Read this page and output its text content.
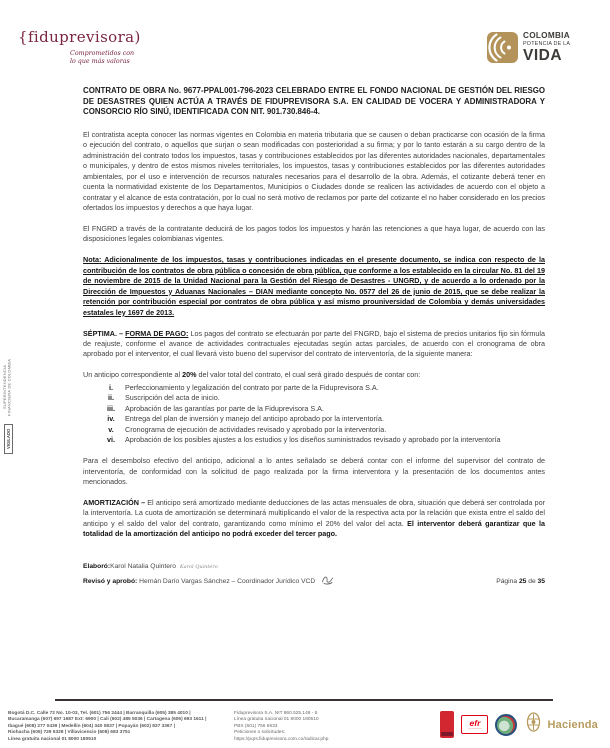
{fiduprevisora)
Comprometidos con
lo que más valoras
COLOMBIA
POTENCIA DE LA
VIDA
SUPERINTENDENCIA FINANCIERA DE COLOMBIA
VIGILADO

CONTRATO DE OBRA No. 9677-PPAL001-796-2023 CELEBRADO ENTRE EL FONDO NACIONAL DE GESTIÓN DEL RIESGO DE DESASTRES QUIEN ACTÚA A TRAVÉS DE FIDUPREVISORA S.A. EN CALIDAD DE VOCERA Y ADMINISTRADORA Y CONSORCIO RÍO SINÚ, IDENTIFICADA CON NIT. 901.730.846-4.

El contratista acepta conocer las normas vigentes en Colombia en materia tributaria que se causen o deban practicarse con ocasión de la firma o ejecución del contrato, o aquellos que surjan o sean modificadas con posterioridad a su firma; y por lo tanto estarán a su cargo dentro de la administración del contrato todos los impuestos, tasas y contribuciones establecidos por las diferentes autoridades nacionales, departamentales o municipales, y dentro de estos mismos niveles territoriales, los impuestos, tasas y contribuciones establecidos por las diferentes autoridades ambientales, por el uso e intervención de recursos naturales necesarios para el desarrollo de la obra. Además, el cotizante deberá tener en cuenta la normatividad existente de los Departamentos, Municipios o Ciudades donde se realicen las actividades de acuerdo con el objeto a contratar y el alcance de esta contratación, por lo cual no será motivo de reclamos por parte del cotizante el no haber considerado en los precios ofertados los impuestos y derechos a que haya lugar.

El FNGRD a través de la contratante deducirá de los pagos todos los impuestos y harán las retenciones a que haya lugar, de acuerdo con las disposiciones legales colombianas vigentes.

Nota: Adicionalmente de los impuestos, tasas y contribuciones indicadas en el presente documento, se indica con respecto de la contribución de los contratos de obra pública o concesión de obra pública, que conforme a los establecido en la circular No. 81 del 19 de noviembre de 2015 de la Unidad Nacional para la Gestión del Riesgo de Desastres - UNGRD, y de acuerdo a lo ordenado por la Dirección de Impuestos y Aduanas Nacionales – DIAN mediante concepto No. 0577 del 26 de junio de 2015, que se debe realizar la retención por contribución especial por contratos de obra pública y así mismo prouniversidad de Colombia y demás universidades estatales ley 1697 de 2013.

SÉPTIMA. – FORMA DE PAGO: Los pagos del contrato se efectuarán por parte del FNGRD, bajo el sistema de precios unitarios fijo sin fórmula de reajuste, conforme el avance de actividades contractuales ejecutadas según actas parciales, de acuerdo con el cronograma de obra aprobado por el interventor, el cual llevará visto bueno del supervisor del contrato de interventoría, de la siguiente manera:

Un anticipo correspondiente al 20% del valor total del contrato, el cual será girado después de contar con:

i.	Perfeccionamiento y legalización del contrato por parte de la Fiduprevisora S.A.
ii.	Suscripción del acta de inicio.
iii.	Aprobación de las garantías por parte de la Fiduprevisora S.A.
iv.	Entrega del plan de inversión y manejo del anticipo aprobado por la interventoría.
v.	Cronograma de ejecución de actividades revisado y aprobado por la interventoría.
vi.	Aprobación de los posibles ajustes a los estudios y los diseños suministrados revisado y aprobado por la interventoría

Para el desembolso efectivo del anticipo, adicional a lo antes señalado se deberá contar con el informe del supervisor del contrato de interventoría, de conformidad con la solicitud de pago realizada por la firma interventora y la presentación de los documentos antes mencionados.

AMORTIZACIÓN – El anticipo será amortizado mediante deducciones de las actas mensuales de obra, situación que deberá ser controlada por la interventoría. La cuota de amortización se determinará multiplicando el valor de la respectiva acta por la relación que exista entre el saldo del anticipo y el saldo del valor del contrato, garantizando como mínimo el 20% del valor del acta. El interventor deberá garantizar que la totalidad de la amortización del anticipo no podrá exceder del tercer pago.

Elaboró: Karol Natalia Quintero Karol Quintero
Revisó y aprobó: Hernán Darío Vargas Sánchez – Coordinador Jurídico VCD	Página 25 de 35
Bogotá D.C. Calle 72 No. 10-03, Tel. (601) 756 2444 | Barranquilla (605) 385 4010 |
Bucaramanga (607) 697 1687 Ext: 6900 | Cali (602) 485 5036 | Cartagena (605) 693 1611 |
Ibagué (608) 277 0439 | Medellín (604) 340 0837 | Popayán (602) 837 3367 |
Riohacha (605) 729 5328 | Villavicencio (608) 683 3751
Línea gratuita nacional 01 8000 180510
Fiduprevisora S.A. NIT 860.525.148 - 5
Línea gratuita nacional 01 8000 180510
PBX (601) 756 6633
Peticiones o solicitudes:
https://pqrs.fiduprevisora.com.co/radicar.php
efr
────────	Hacienda
